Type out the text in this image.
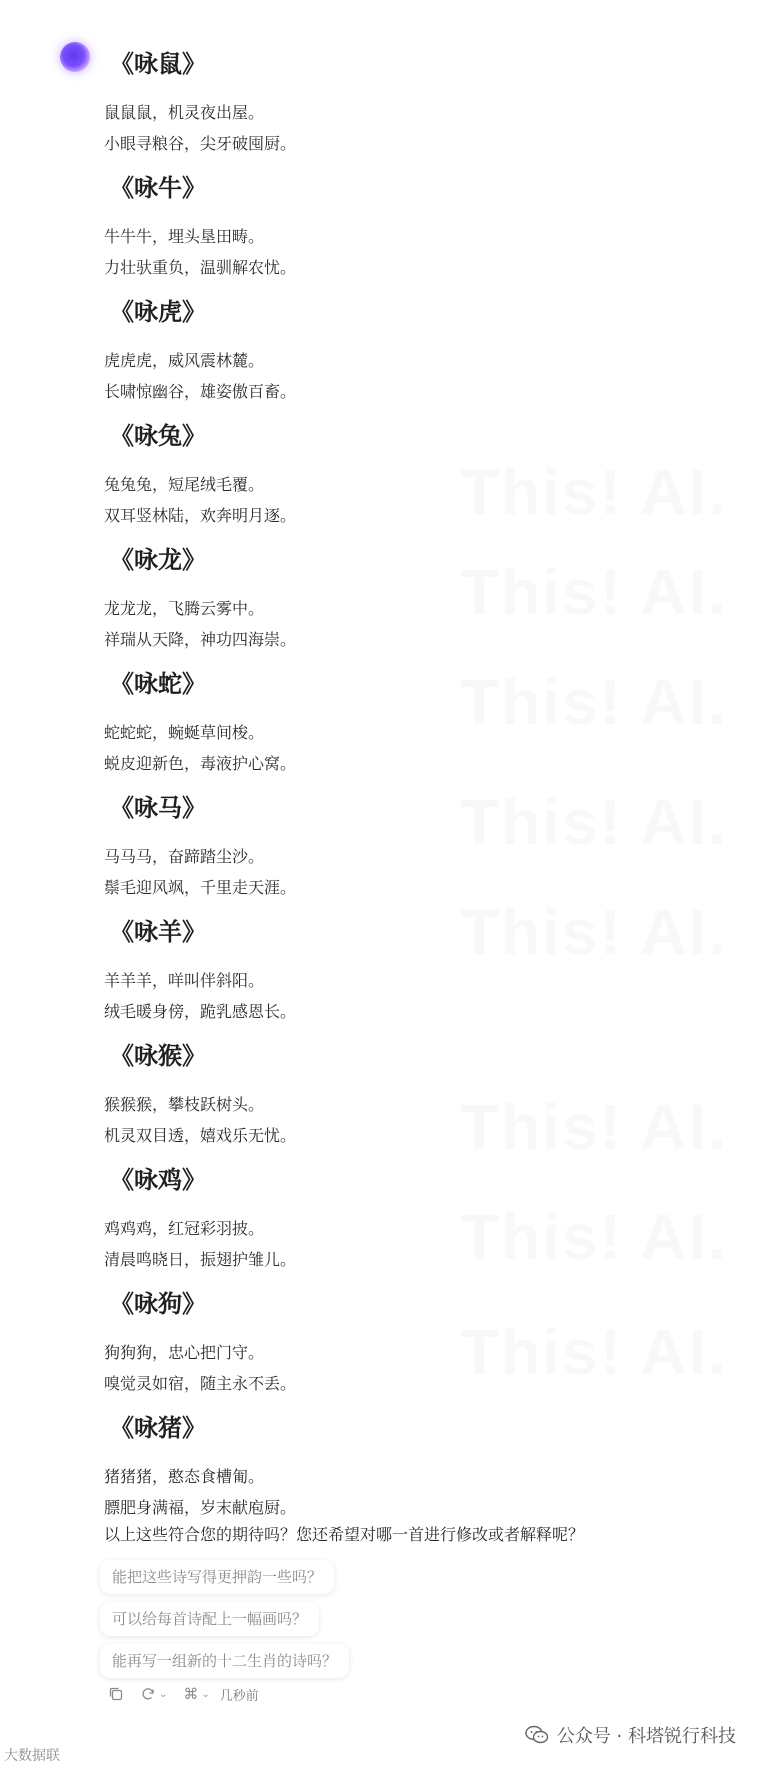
《咏鼠》
鼠鼠鼠，机灵夜出屋。
小眼寻粮谷，尖牙破囤厨。
《咏牛》
牛牛牛，埋头垦田畴。
力壮驮重负，温驯解农忧。
《咏虎》
虎虎虎，威风震林麓。
长啸惊幽谷，雄姿傲百畜。
《咏兔》
兔兔兔，短尾绒毛覆。
双耳竖林陆，欢奔明月逐。
《咏龙》
龙龙龙，飞腾云雾中。
祥瑞从天降，神功四海崇。
《咏蛇》
蛇蛇蛇，蜿蜒草间梭。
蜕皮迎新色，毒液护心窝。
《咏马》
马马马，奋蹄踏尘沙。
鬃毛迎风飒，千里走天涯。
《咏羊》
羊羊羊，咩叫伴斜阳。
绒毛暖身傍，跪乳感恩长。
《咏猴》
猴猴猴，攀枝跃树头。
机灵双目透，嬉戏乐无忧。
《咏鸡》
鸡鸡鸡，红冠彩羽披。
清晨鸣晓日，振翅护雏儿。
《咏狗》
狗狗狗，忠心把门守。
嗅觉灵如宿，随主永不丢。
《咏猪》
猪猪猪，憨态食槽匍。
膘肥身满福，岁末献庖厨。
以上这些符合您的期待吗？您还希望对哪一首进行修改或者解释呢？
能把这些诗写得更押韵一些吗？
可以给每首诗配上一幅画吗？
能再写一组新的十二生肖的诗吗？
⌄ ⌘ ⌄ 几秒前
大数据联
公众号 · 科塔锐行科技
